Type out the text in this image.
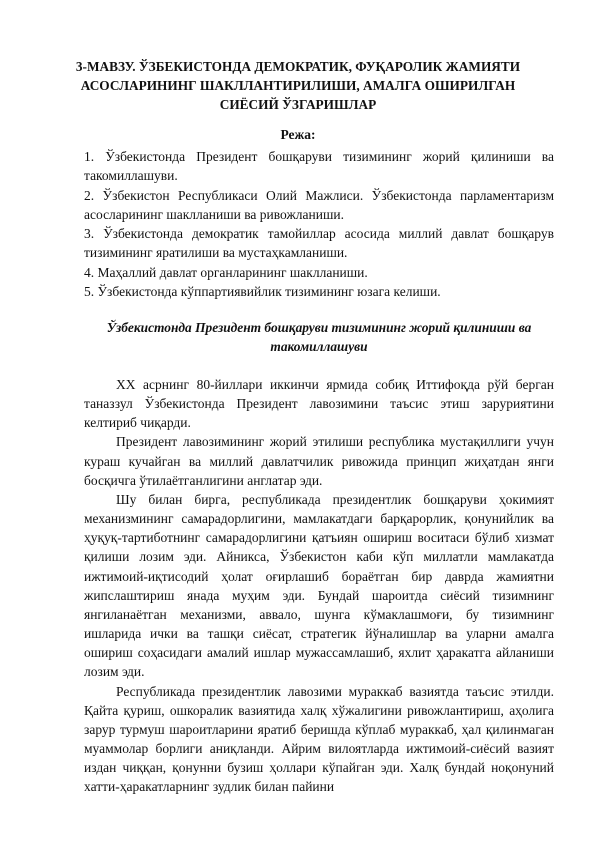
3-МАВЗУ. ЎЗБЕКИСТОНДА ДЕМОКРАТИК, ФУҚАРОЛИК ЖАМИЯТИ АСОСЛАРИНИНГ ШАКЛЛАНТИРИЛИШИ, АМАЛГА ОШИРИЛГАН СИЁСИЙ ЎЗГАРИШЛАР
Режа:
1. Ўзбекистонда Президент бошқаруви тизимининг жорий қилиниши ва такомиллашуви.
2. Ўзбекистон Республикаси Олий Мажлиси. Ўзбекистонда парламентаризм асосларининг шаклланиши ва ривожланиши.
3. Ўзбекистонда демократик тамойиллар асосида миллий давлат бошқарув тизимининг яратилиши ва мустаҳкамланиши.
4. Маҳаллий давлат органларининг шаклланиши.
5. Ўзбекистонда кўппартиявийлик тизимининг юзага келиши.
Ўзбекистонда Президент бошқаруви тизимининг жорий қилиниши ва такомиллашуви

XX асрнинг 80-йиллари иккинчи ярмида собиқ Иттифоқда рўй берган таназзул Ўзбекистонда Президент лавозимини таъсис этиш заруриятини келтириб чиқарди.

Президент лавозимининг жорий этилиши республика мустақиллиги учун кураш кучайган ва миллий давлатчилик ривожида принцип жиҳатдан янги босқичга ўтилаётганлигини англатар эди.

Шу билан бирга, республикада президентлик бошқаруви ҳокимият механизмининг самарадорлигини, мамлакатдаги барқарорлик, қонунийлик ва ҳуқуқ-тартиботнинг самарадорлигини қатъиян ошириш воситаси бўлиб хизмат қилиши лозим эди. Айникса, Ўзбекистон каби кўп миллатли мамлакатда ижтимоий-иқтисодий ҳолат оғирлашиб бораётган бир даврда жамиятни жипслаштириш янада муҳим эди. Бундай шароитда сиёсий тизимнинг янгиланаётган механизми, аввало, шунга кўмаклашмоғи, бу тизимнинг ишларида ички ва ташқи сиёсат, стратегик йўналишлар ва уларни амалга ошириш соҳасидаги амалий ишлар мужассамлашиб, яхлит ҳаракатга айланиши лозим эди.

Республикада президентлик лавозими мураккаб вазиятда таъсис этилди. Қайта қуриш, ошкоралик вазиятида халқ хўжалигини ривожлантириш, аҳолига зарур турмуш шароитларини яратиб беришда кўплаб мураккаб, ҳал қилинмаган муаммолар борлиги аниқланди. Айрим вилоятларда ижтимоий-сиёсий вазият издан чиққан, қонунни бузиш ҳоллари кўпайган эди. Халқ бундай ноқонуний хатти-ҳаракатларнинг зудлик билан пайини
